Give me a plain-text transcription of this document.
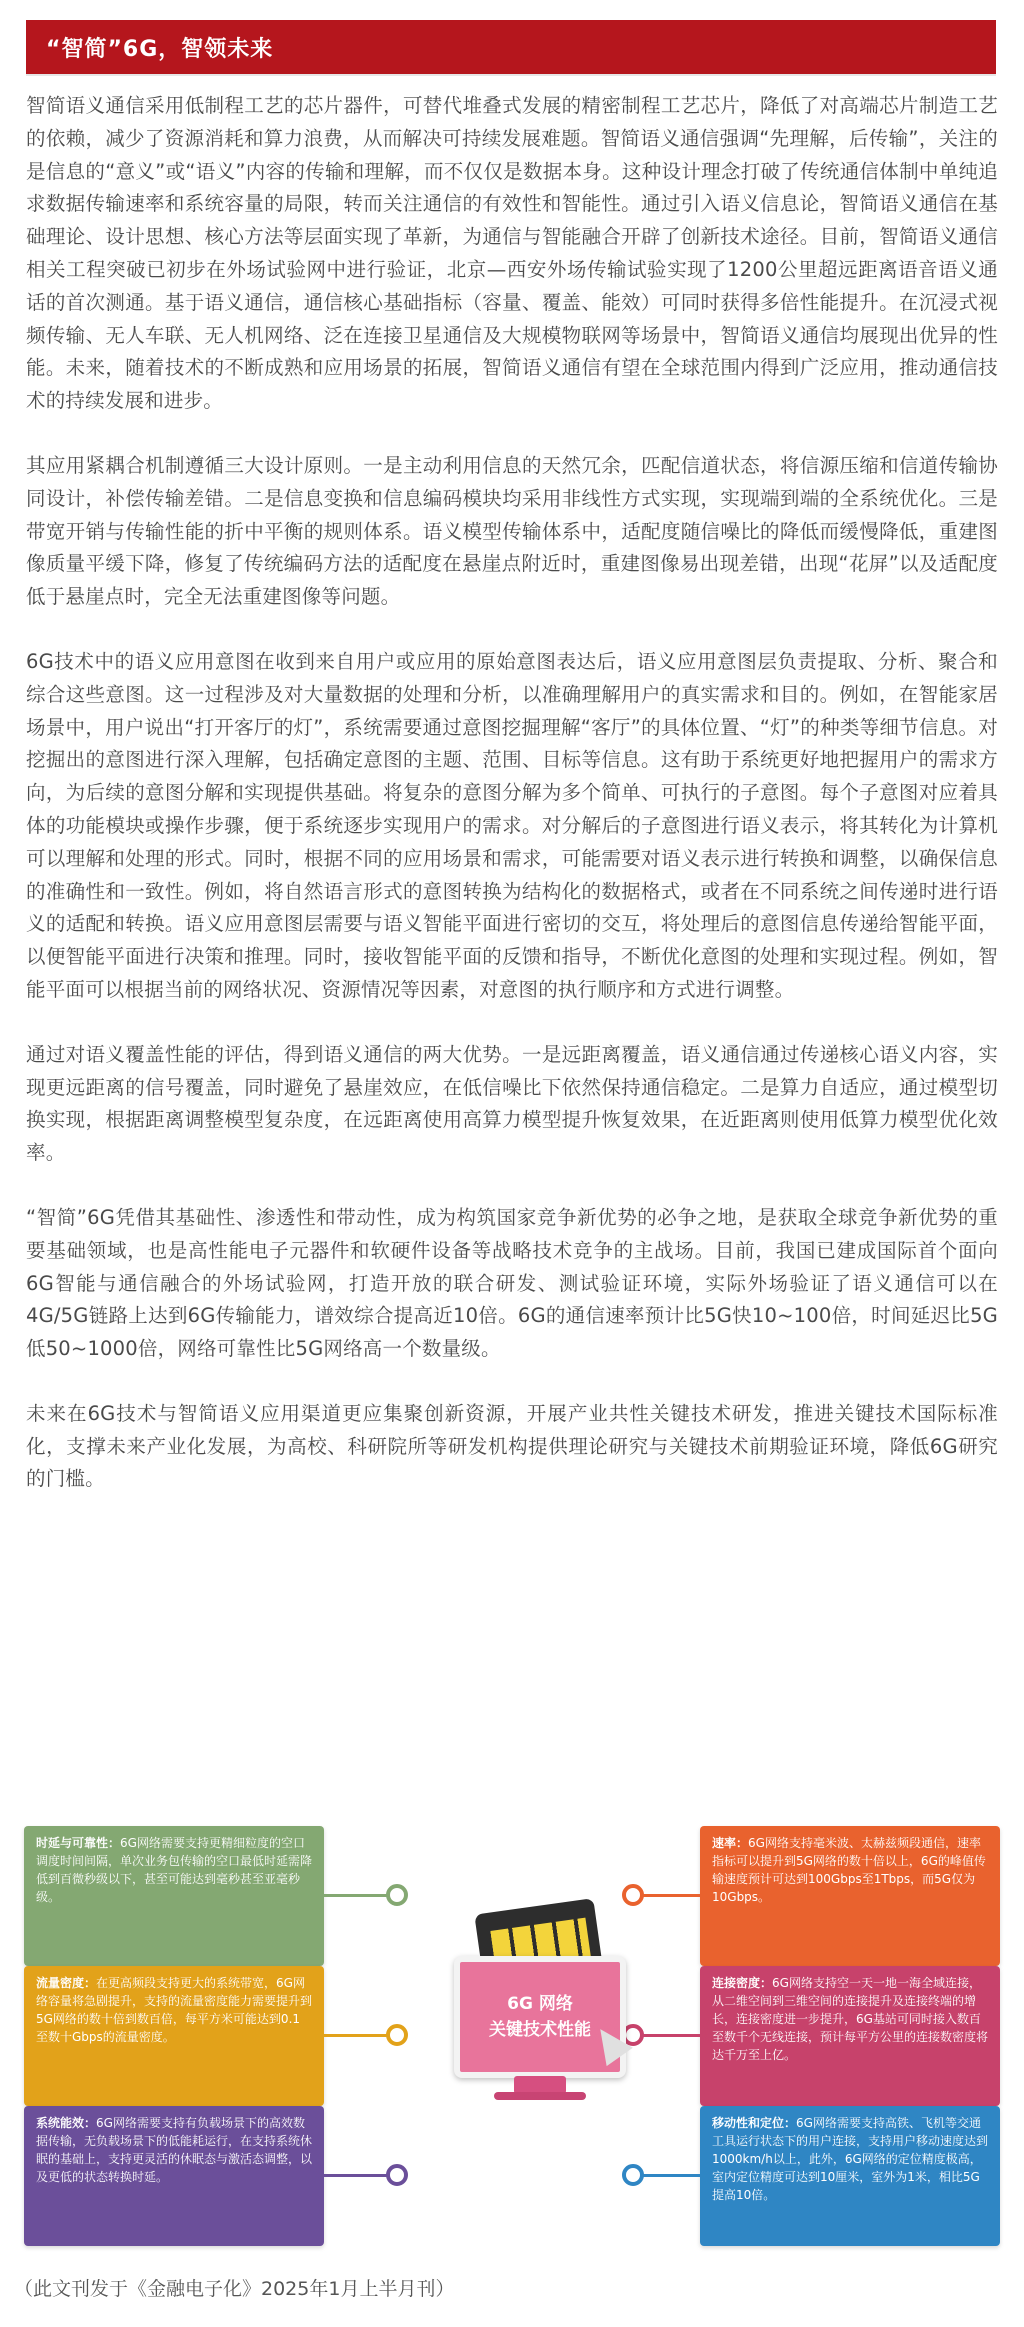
“智简”6G，智领未来

智简语义通信采用低制程工艺的芯片器件，可替代堆叠式发展的精密制程工艺芯片，降低了对高端芯片制造工艺的依赖，减少了资源消耗和算力浪费，从而解决可持续发展难题。智简语义通信强调“先理解，后传输”，关注的是信息的“意义”或“语义”内容的传输和理解，而不仅仅是数据本身。这种设计理念打破了传统通信体制中单纯追求数据传输速率和系统容量的局限，转而关注通信的有效性和智能性。通过引入语义信息论，智简语义通信在基础理论、设计思想、核心方法等层面实现了革新，为通信与智能融合开辟了创新技术途径。目前，智简语义通信相关工程突破已初步在外场试验网中进行验证，北京—西安外场传输试验实现了1200公里超远距离语音语义通话的首次测通。基于语义通信，通信核心基础指标（容量、覆盖、能效）可同时获得多倍性能提升。在沉浸式视频传输、无人车联、无人机网络、泛在连接卫星通信及大规模物联网等场景中，智简语义通信均展现出优异的性能。未来，随着技术的不断成熟和应用场景的拓展，智简语义通信有望在全球范围内得到广泛应用，推动通信技术的持续发展和进步。

其应用紧耦合机制遵循三大设计原则。一是主动利用信息的天然冗余，匹配信道状态，将信源压缩和信道传输协同设计，补偿传输差错。二是信息变换和信息编码模块均采用非线性方式实现，实现端到端的全系统优化。三是带宽开销与传输性能的折中平衡的规则体系。语义模型传输体系中，适配度随信噪比的降低而缓慢降低，重建图像质量平缓下降，修复了传统编码方法的适配度在悬崖点附近时，重建图像易出现差错，出现“花屏”以及适配度低于悬崖点时，完全无法重建图像等问题。

6G技术中的语义应用意图在收到来自用户或应用的原始意图表达后，语义应用意图层负责提取、分析、聚合和综合这些意图。这一过程涉及对大量数据的处理和分析，以准确理解用户的真实需求和目的。例如，在智能家居场景中，用户说出“打开客厅的灯”，系统需要通过意图挖掘理解“客厅”的具体位置、“灯”的种类等细节信息。对挖掘出的意图进行深入理解，包括确定意图的主题、范围、目标等信息。这有助于系统更好地把握用户的需求方向，为后续的意图分解和实现提供基础。将复杂的意图分解为多个简单、可执行的子意图。每个子意图对应着具体的功能模块或操作步骤，便于系统逐步实现用户的需求。对分解后的子意图进行语义表示，将其转化为计算机可以理解和处理的形式。同时，根据不同的应用场景和需求，可能需要对语义表示进行转换和调整，以确保信息的准确性和一致性。例如，将自然语言形式的意图转换为结构化的数据格式，或者在不同系统之间传递时进行语义的适配和转换。语义应用意图层需要与语义智能平面进行密切的交互，将处理后的意图信息传递给智能平面，以便智能平面进行决策和推理。同时，接收智能平面的反馈和指导，不断优化意图的处理和实现过程。例如，智能平面可以根据当前的网络状况、资源情况等因素，对意图的执行顺序和方式进行调整。

通过对语义覆盖性能的评估，得到语义通信的两大优势。一是远距离覆盖，语义通信通过传递核心语义内容，实现更远距离的信号覆盖，同时避免了悬崖效应，在低信噪比下依然保持通信稳定。二是算力自适应，通过模型切换实现，根据距离调整模型复杂度，在远距离使用高算力模型提升恢复效果，在近距离则使用低算力模型优化效率。

“智简”6G凭借其基础性、渗透性和带动性，成为构筑国家竞争新优势的必争之地，是获取全球竞争新优势的重要基础领域，也是高性能电子元器件和软硬件设备等战略技术竞争的主战场。目前，我国已建成国际首个面向6G智能与通信融合的外场试验网，打造开放的联合研发、测试验证环境，实际外场验证了语义通信可以在4G/5G链路上达到6G传输能力，谱效综合提高近10倍。6G的通信速率预计比5G快10~100倍，时间延迟比5G低50~1000倍，网络可靠性比5G网络高一个数量级。

未来在6G技术与智简语义应用渠道更应集聚创新资源，开展产业共性关键技术研发，推进关键技术国际标准化，支撑未来产业化发展，为高校、科研院所等研发机构提供理论研究与关键技术前期验证环境，降低6G研究的门槛。

时延与可靠性：6G网络需要支持更精细粒度的空口调度时间间隔，单次业务包传输的空口最低时延需降低到百微秒级以下，甚至可能达到毫秒甚至亚毫秒级。
流量密度：在更高频段支持更大的系统带宽，6G网络容量将急剧提升，支持的流量密度能力需要提升到5G网络的数十倍到数百倍，每平方米可能达到0.1至数十Gbps的流量密度。
系统能效：6G网络需要支持有负载场景下的高效数据传输，无负载场景下的低能耗运行，在支持系统休眠的基础上，支持更灵活的休眠态与激活态调整，以及更低的状态转换时延。
速率：6G网络支持毫米波、太赫兹频段通信，速率指标可以提升到5G网络的数十倍以上，6G的峰值传输速度预计可达到100Gbps至1Tbps，而5G仅为10Gbps。
连接密度：6G网络支持空一天一地一海全域连接，从二维空间到三维空间的连接提升及连接终端的增长，连接密度进一步提升，6G基站可同时接入数百至数千个无线连接，预计每平方公里的连接数密度将达千万至上亿。
移动性和定位：6G网络需要支持高铁、飞机等交通工具运行状态下的用户连接，支持用户移动速度达到1000km/h以上，此外，6G网络的定位精度极高，室内定位精度可达到10厘米，室外为1米，相比5G提高10倍。
6G 网络
关键技术性能
（此文刊发于《金融电子化》2025年1月上半月刊）
